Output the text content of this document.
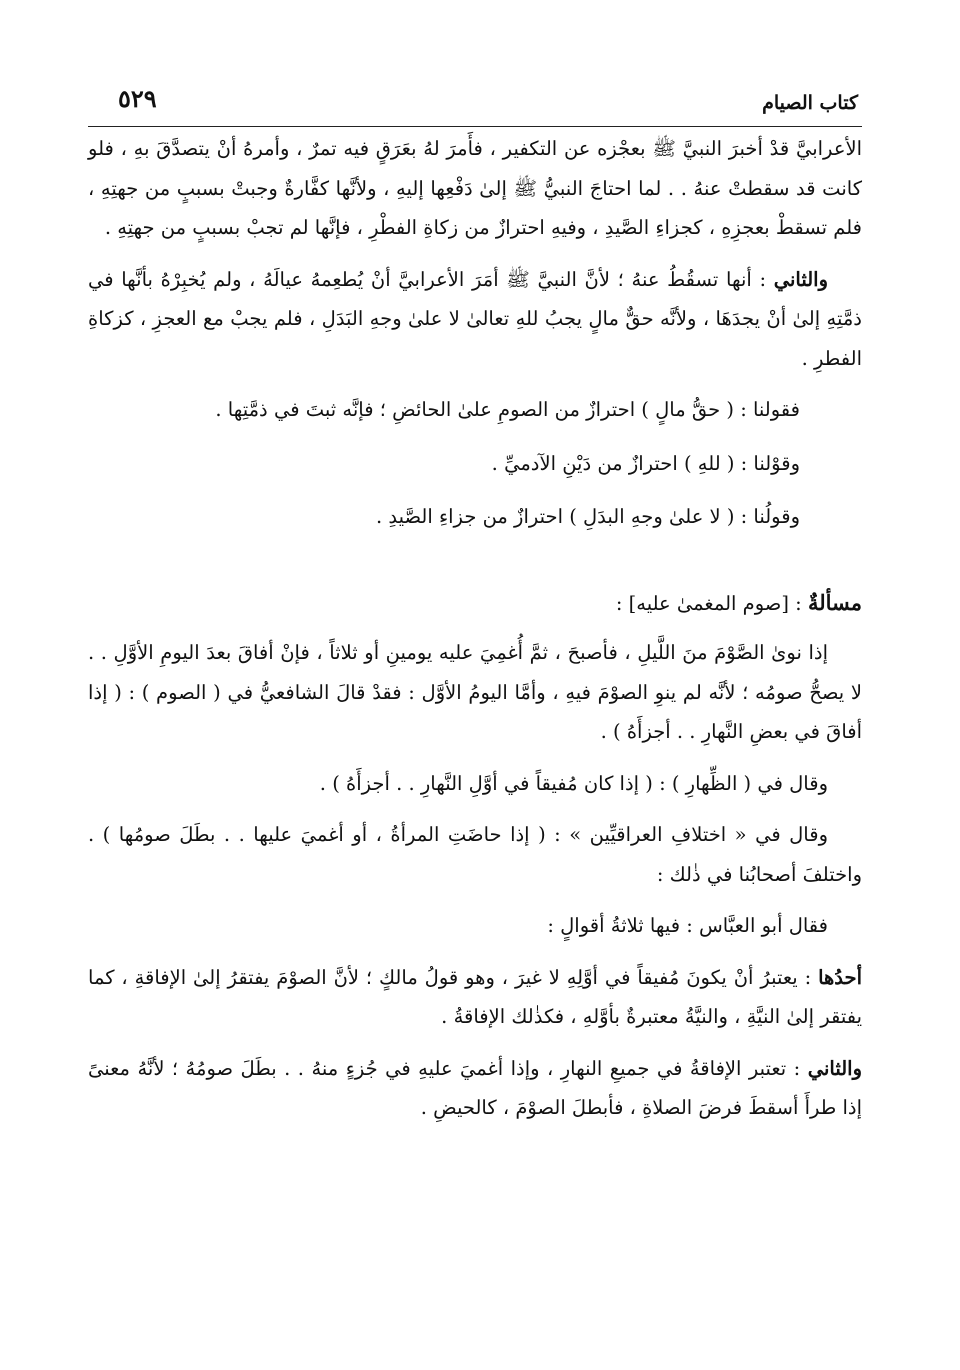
كتاب الصيام
٥٢٩

الأعرابيَّ قدْ أخبرَ النبيَّ ﷺ بعجْزه عن التكفير ، فأَمرَ لهُ بعَرَقٍ فيه تمرٌ ، وأمرهُ أنْ يتصدَّقَ بهِ ، فلو كانت قد سقطتْ عنهُ . . لما احتاجَ النبيُّ ﷺ إلىٰ دَفْعِها إليهِ ، ولأنَّها كفَّارةٌ وجبتْ بسببٍ من جهتِهِ ، فلم تسقطْ بعجزِهِ ، كجزاءِ الصَّيدِ ، وفيهِ احترازٌ من زكاةِ الفطْرِ ، فإنَّها لم تجبْ بسببٍ من جهتِهِ .

والثاني : أنها تسقُطُ عنهُ ؛ لأنَّ النبيَّ ﷺ أمَرَ الأعرابيَّ أنْ يُطعِمهُ عيالَهُ ، ولم يُخبِرْهُ بأنَّها في ذمَّتِهِ إلىٰ أنْ يجدَهَا ، ولأنَّه حقٌّ مالٍ يجبُ للهِ تعالىٰ لا علىٰ وجهِ البَدَلِ ، فلم يجبْ مع العجزِ ، كزكاةِ الفطرِ .

فقولنا : ( حقُّ مالٍ ) احترازٌ من الصومِ علىٰ الحائضِ ؛ فإنَّه ثبتَ في ذمَّتِها .

وقوْلنا : ( للهِ ) احترازٌ من دَيْنِ الآدميِّ .

وقولُنا : ( لا علىٰ وجهِ البدَلِ ) احترازٌ من جزاءِ الصَّيدِ .

مسألةٌ : [صوم المغمىٰ عليه] :

إذا نوىٰ الصَّوْمَ منَ اللَّيلِ ، فأصبحَ ، ثمَّ أُغمِيَ عليه يومينِ أو ثلاثاً ، فإنْ أفاقَ بعدَ اليومِ الأوَّلِ . . لا يصحُّ صومُه ؛ لأنَّه لم ينوِ الصوْمَ فيهِ ، وأمَّا اليومُ الأوَّل : فقدْ قالَ الشافعيُّ في ( الصوم ) : ( إذا أفاقَ في بعضِ النَّهارِ . . أجزأَهُ ) .

وقال في ( الظِّهارِ ) : ( إذا كان مُفيقاً في أوَّلِ النَّهارِ . . أجزأَهُ ) .

وقال في « اختلافِ العراقيِّين » : ( إذا حاضَتِ المرأةُ ، أو أغميَ عليها . . بطَلَ صومُها ) . واختلفَ أصحابُنا في ذٰلك :

فقال أبو العبَّاس : فيها ثلاثةُ أقوالٍ :

أحدُها : يعتبرُ أنْ يكونَ مُفيقاً في أوَّلِهِ لا غيرَ ، وهو قولُ مالكٍ ؛ لأنَّ الصوْمَ يفتقرُ إلىٰ الإفاقةِ ، كما يفتقر إلىٰ النيَّةِ ، والنيَّةُ معتبرةٌ بأوَّلهِ ، فكذٰلك الإفاقةُ .

والثاني : تعتبر الإفاقةُ في جميعِ النهارِ ، وإذا أغميَ عليهِ في جُزءٍ منهُ . . بطَلَ صومُهُ ؛ لأنَّهُ معنىً إذا طرأَ أسقطَ فرضَ الصلاةِ ، فأبطلَ الصوْمَ ، كالحيضِ .
